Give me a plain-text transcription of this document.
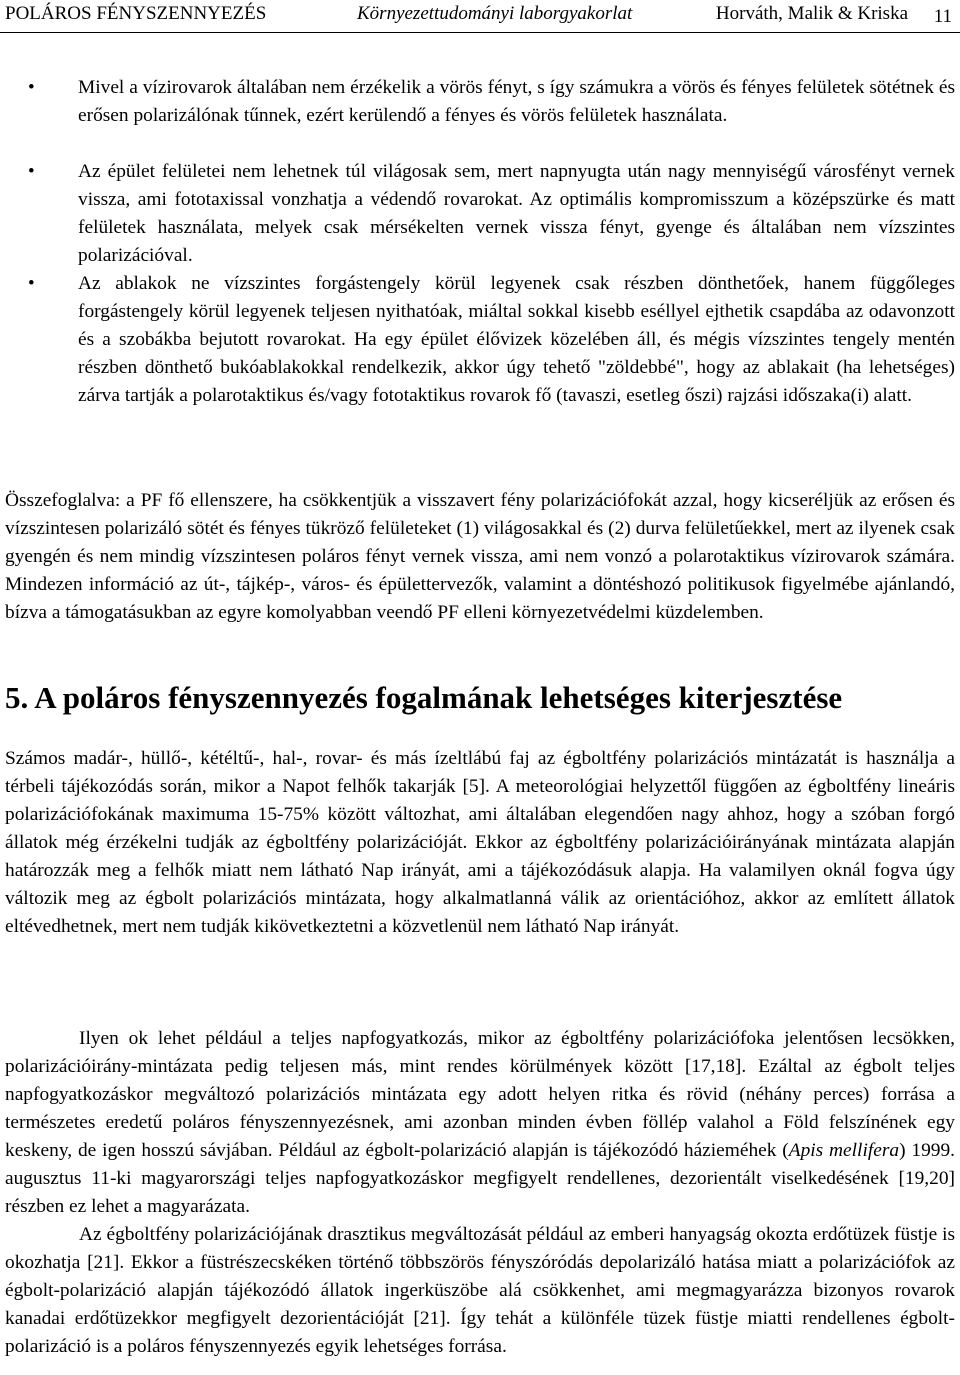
POLÁROS FÉNYSZENNYEZÉS	Környezettudományi laborgyakorlat	Horváth, Malik & Kriska 11
• Mivel a vízirovarok általában nem érzékelik a vörös fényt, s így számukra a vörös és fényes felületek sötétnek és erősen polarizálónak tűnnek, ezért kerülendő a fényes és vörös felületek használata.

• Az épület felületei nem lehetnek túl világosak sem, mert napnyugta után nagy mennyiségű városfényt vernek vissza, ami fototaxissal vonzhatja a védendő rovarokat. Az optimális kompromisszum a középszürke és matt felületek használata, melyek csak mérsékelten vernek vissza fényt, gyenge és általában nem vízszintes polarizációval.

• Az ablakok ne vízszintes forgástengely körül legyenek csak részben dönthetőek, hanem függőleges forgástengely körül legyenek teljesen nyithatóak, miáltal sokkal kisebb eséllyel ejthetik csapdába az odavonzott és a szobákba bejutott rovarokat. Ha egy épület élővizek közelében áll, és mégis vízszintes tengely mentén részben dönthető bukóablakokkal rendelkezik, akkor úgy tehető "zöldebbé", hogy az ablakait (ha lehetséges) zárva tartják a polarotaktikus és/vagy fototaktikus rovarok fő (tavaszi, esetleg őszi) rajzási időszaka(i) alatt.

Összefoglalva: a PF fő ellenszere, ha csökkentjük a visszavert fény polarizációfokát azzal, hogy kicseréljük az erősen és vízszintesen polarizáló sötét és fényes tükröző felületeket (1) világosakkal és (2) durva felületűekkel, mert az ilyenek csak gyengén és nem mindig vízszintesen poláros fényt vernek vissza, ami nem vonzó a polarotaktikus vízirovarok számára. Mindezen információ az út-, tájkép-, város- és épülettervezők, valamint a döntéshozó politikusok figyelmébe ajánlandó, bízva a támogatásukban az egyre komolyabban veendő PF elleni környezetvédelmi küzdelemben.

5. A poláros fényszennyezés fogalmának lehetséges kiterjesztése

Számos madár-, hüllő-, kétéltű-, hal-, rovar- és más ízeltlábú faj az égboltfény polarizációs mintázatát is használja a térbeli tájékozódás során, mikor a Napot felhők takarják [5]. A meteorológiai helyzettől függően az égboltfény lineáris polarizációfokának maximuma 15-75% között változhat, ami általában elegendően nagy ahhoz, hogy a szóban forgó állatok még érzékelni tudják az égboltfény polarizációját. Ekkor az égboltfény polarizációirányának mintázata alapján határozzák meg a felhők miatt nem látható Nap irányát, ami a tájékozódásuk alapja. Ha valamilyen oknál fogva úgy változik meg az égbolt polarizációs mintázata, hogy alkalmatlanná válik az orientációhoz, akkor az említett állatok eltévedhetnek, mert nem tudják kikövetkeztetni a közvetlenül nem látható Nap irányát.

Ilyen ok lehet például a teljes napfogyatkozás, mikor az égboltfény polarizációfoka jelentősen lecsökken, polarizációirány-mintázata pedig teljesen más, mint rendes körülmények között [17,18]. Ezáltal az égbolt teljes napfogyatkozáskor megváltozó polarizációs mintázata egy adott helyen ritka és rövid (néhány perces) forrása a természetes eredetű poláros fényszennyezésnek, ami azonban minden évben föllép valahol a Föld felszínének egy keskeny, de igen hosszú sávjában. Például az égbolt-polarizáció alapján is tájékozódó házieméhek (Apis mellifera) 1999. augusztus 11-ki magyarországi teljes napfogyatkozáskor megfigyelt rendellenes, dezorientált viselkedésének [19,20] részben ez lehet a magyarázata.

Az égboltfény polarizációjának drasztikus megváltozását például az emberi hanyagság okozta erdőtüzek füstje is okozhatja [21]. Ekkor a füstrészecskéken történő többszörös fényszóródás depolarizáló hatása miatt a polarizációfok az égbolt-polarizáció alapján tájékozódó állatok ingerküszöbe alá csökkenhet, ami megmagyarázza bizonyos rovarok kanadai erdőtüzekkor megfigyelt dezorientációját [21]. Így tehát a különféle tüzek füstje miatti rendellenes égbolt-polarizáció is a poláros fényszennyezés egyik lehetséges forrása.
